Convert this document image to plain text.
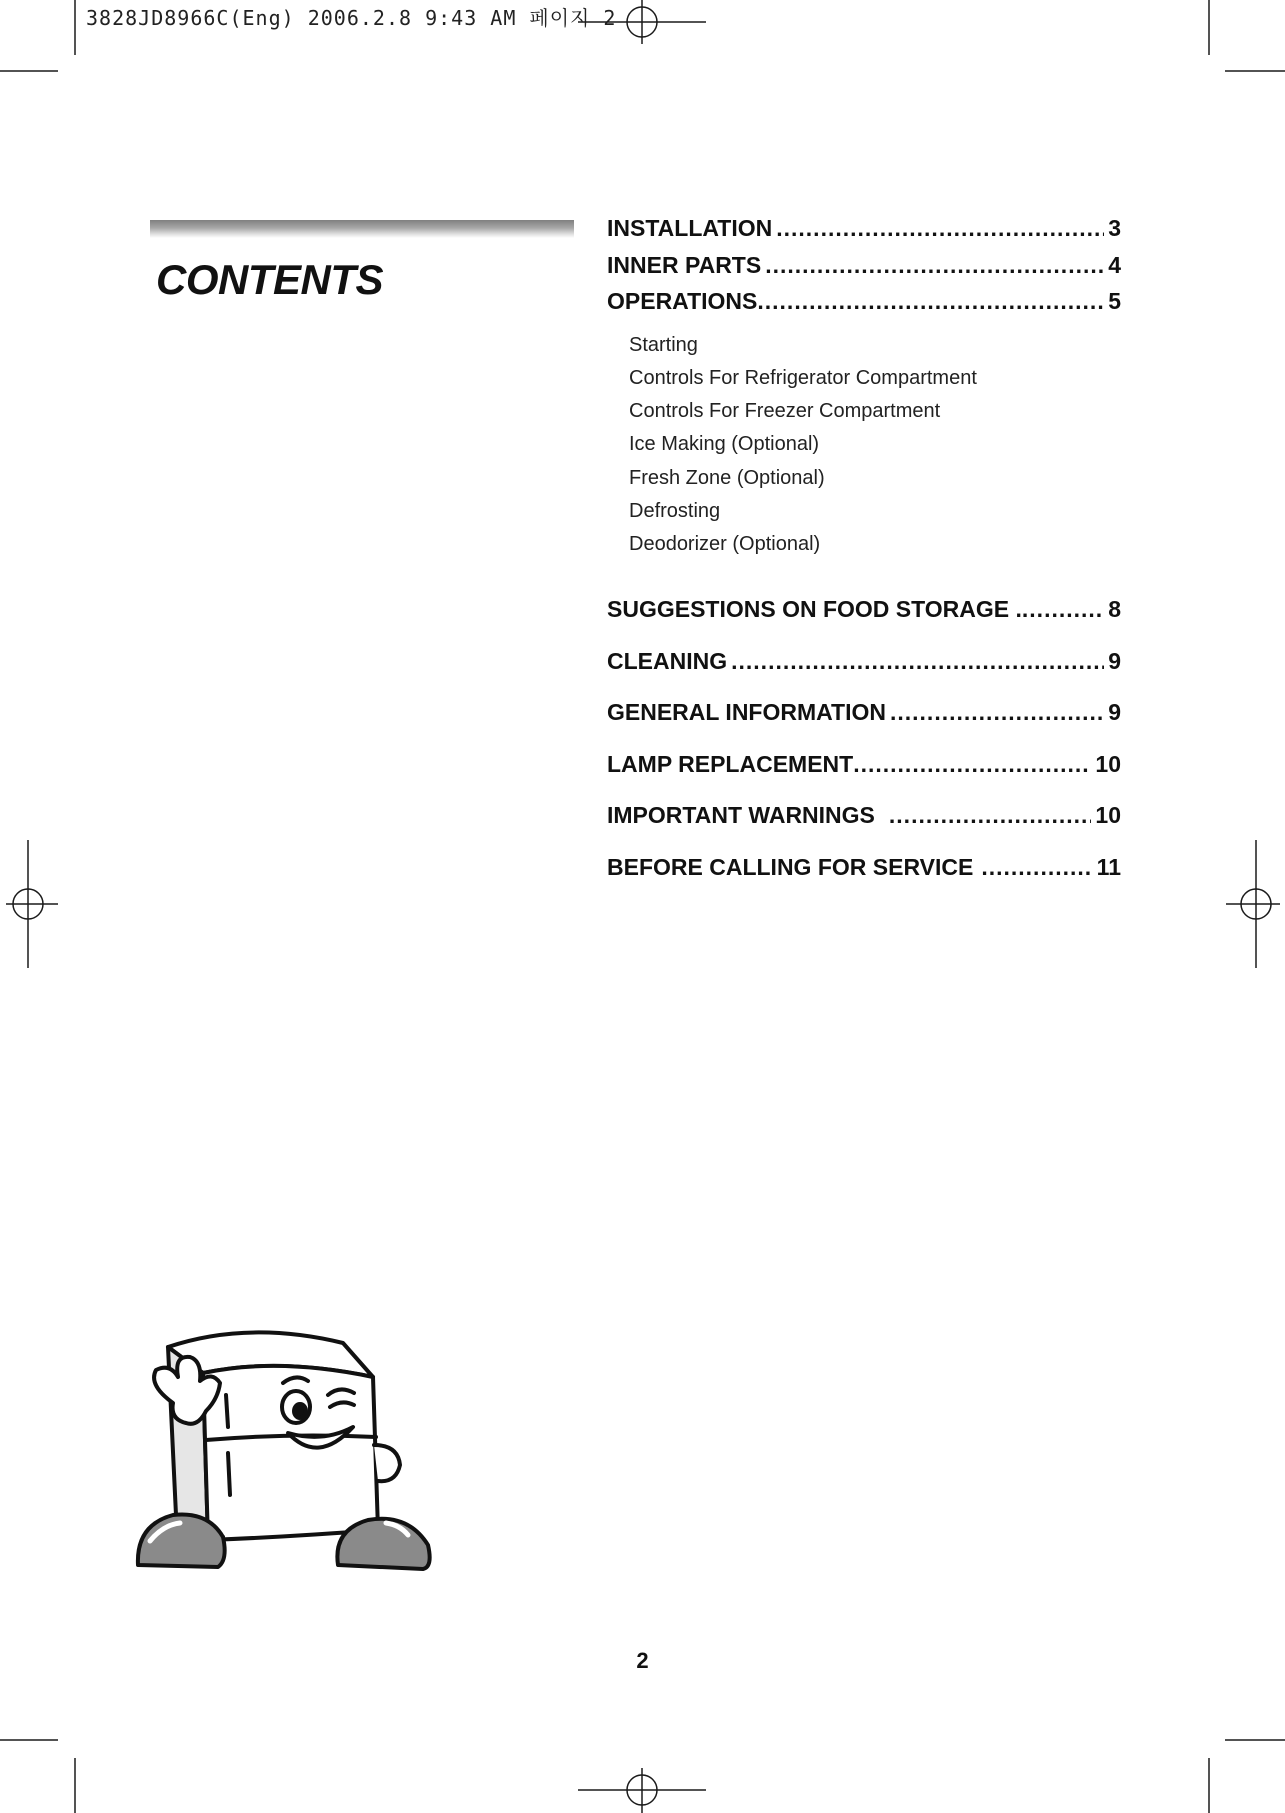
3828JD8966C(Eng) 2006.2.8 9:43 AM 페이지 2
CONTENTS
INSTALLATION .....	3
INNER PARTS .....	4
OPERATIONS .....	5
Starting
Controls For Refrigerator Compartment
Controls For Freezer Compartment
Ice Making (Optional)
Fresh Zone (Optional)
Defrosting
Deodorizer (Optional)
SUGGESTIONS ON FOOD STORAGE . .....	8
CLEANING .....	9
GENERAL INFORMATION .....	9
LAMP REPLACEMENT .....	10
IMPORTANT WARNINGS .....	10
BEFORE CALLING FOR SERVICE .....	11
2
